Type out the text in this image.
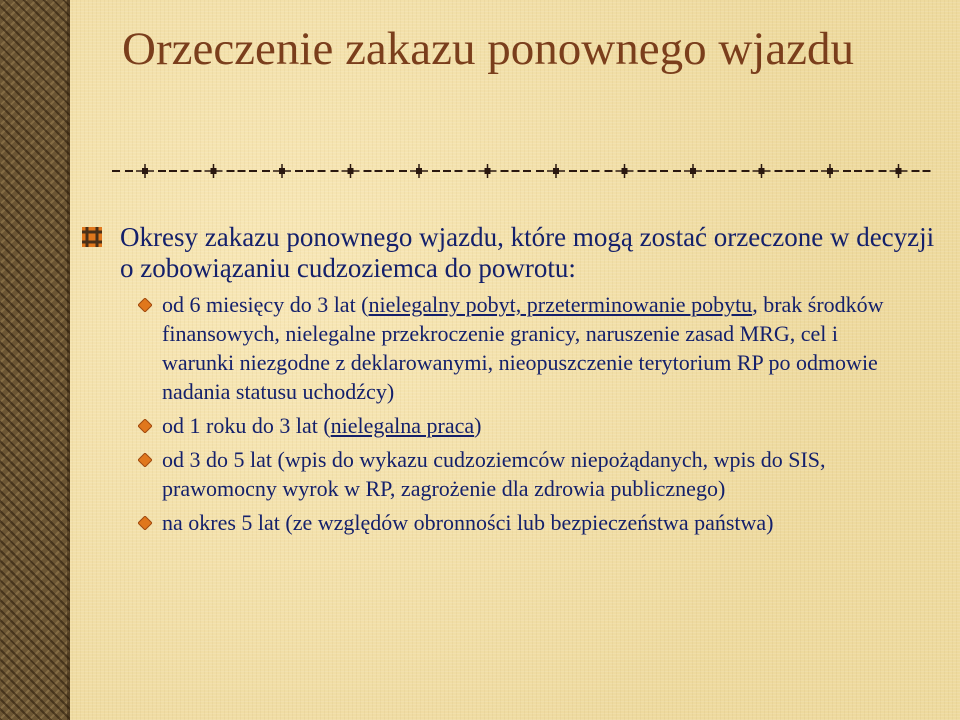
Orzeczenie zakazu ponownego wjazdu
Okresy zakazu ponownego wjazdu, które mogą zostać orzeczone w decyzji o zobowiązaniu cudzoziemca do powrotu:
od 6 miesięcy do 3 lat (nielegalny pobyt, przeterminowanie pobytu, brak środków finansowych, nielegalne przekroczenie granicy, naruszenie zasad MRG, cel i warunki niezgodne z deklarowanymi, nieopuszczenie terytorium RP po odmowie nadania statusu uchodźcy)
od 1 roku do 3 lat (nielegalna praca)
od 3 do 5 lat (wpis do wykazu cudzoziemców niepożądanych, wpis do SIS, prawomocny wyrok w RP, zagrożenie dla zdrowia publicznego)
na okres 5 lat (ze względów obronności lub bezpieczeństwa państwa)
